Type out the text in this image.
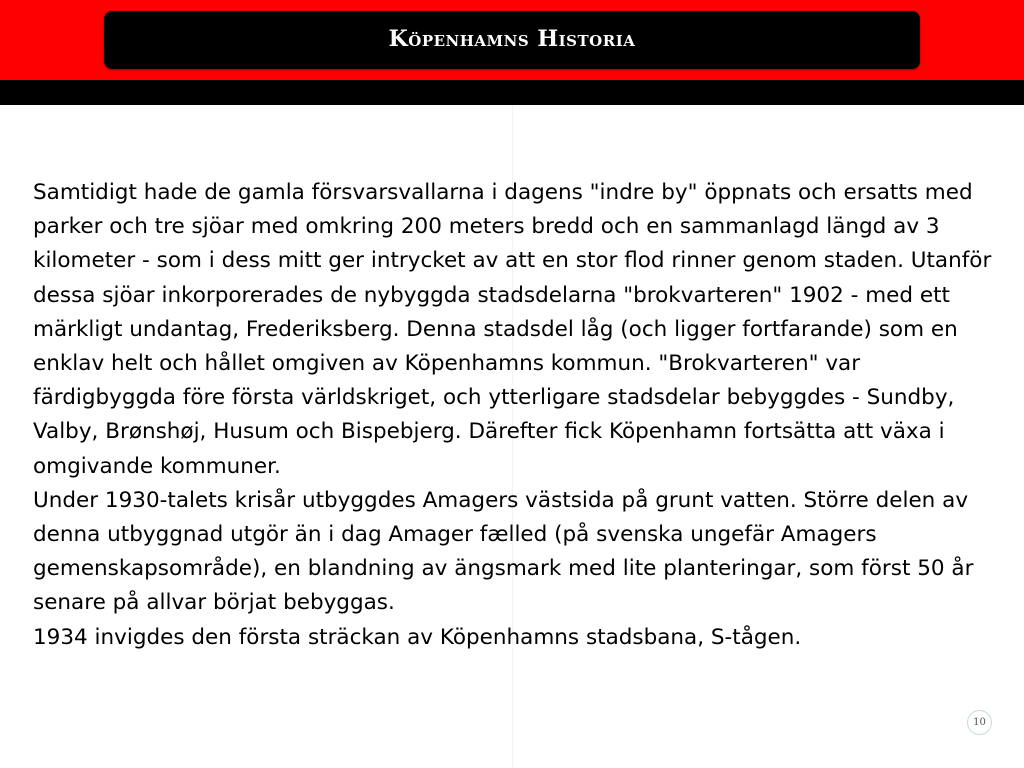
Köpenhamns Historia

Samtidigt hade de gamla försvarsvallarna i dagens "indre by" öppnats och ersatts med parker och tre sjöar med omkring 200 meters bredd och en sammanlagd längd av 3 kilometer - som i dess mitt ger intrycket av att en stor flod rinner genom staden. Utanför dessa sjöar inkorporerades de nybyggda stadsdelarna "brokvarteren" 1902 - med ett märkligt undantag, Frederiksberg. Denna stadsdel låg (och ligger fortfarande) som en enklav helt och hållet omgiven av Köpenhamns kommun. "Brokvarteren" var färdigbyggda före första världskriget, och ytterligare stadsdelar bebyggdes - Sundby, Valby, Brønshøj, Husum och Bispebjerg. Därefter fick Köpenhamn fortsätta att växa i omgivande kommuner.

Under 1930-talets krisår utbyggdes Amagers västsida på grunt vatten. Större delen av denna utbyggnad utgör än i dag Amager fælled (på svenska ungefär Amagers gemenskapsområde), en blandning av ängsmark med lite planteringar, som först 50 år senare på allvar börjat bebyggas.

1934 invigdes den första sträckan av Köpenhamns stadsbana, S-tågen.

10
